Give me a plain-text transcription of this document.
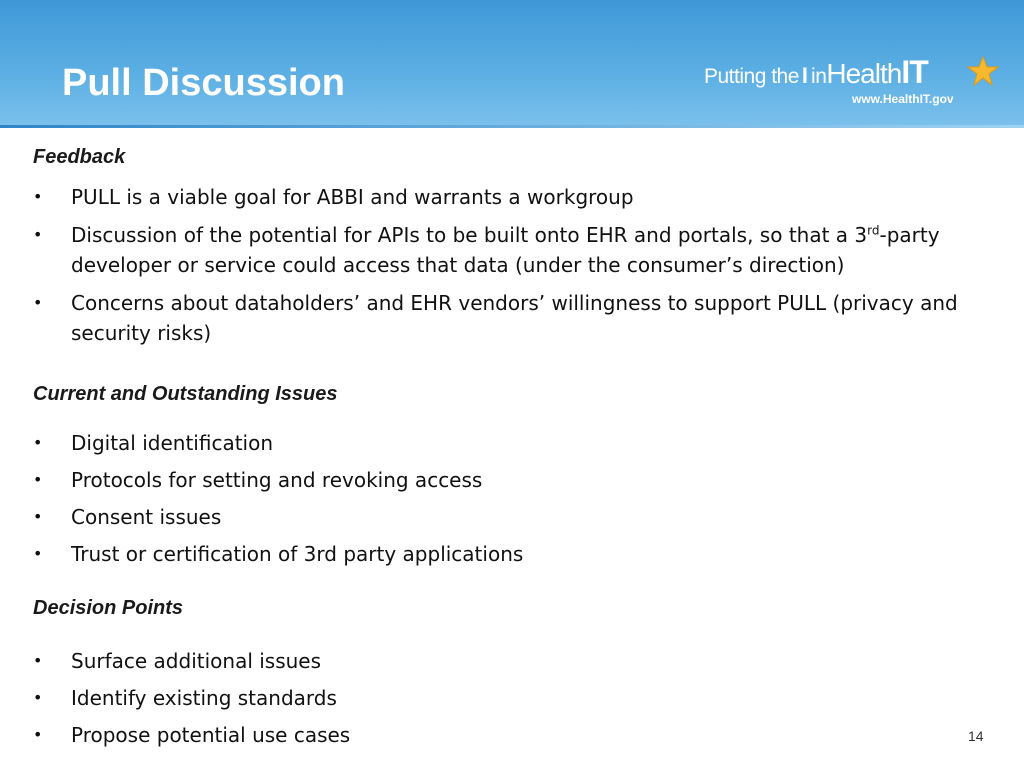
Pull Discussion	Putting the I inHealthIT
www.HealthIT.gov
Feedback
• PULL is a viable goal for ABBI and warrants a workgroup
• Discussion of the potential for APIs to be built onto EHR and portals, so that a 3rd-party developer or service could access that data (under the consumer’s direction)
• Concerns about dataholders’ and EHR vendors’ willingness to support PULL (privacy and security risks)
Current and Outstanding Issues
• Digital identification
• Protocols for setting and revoking access
• Consent issues
• Trust or certification of 3rd party applications
Decision Points
• Surface additional issues
• Identify existing standards
• Propose potential use cases	14
